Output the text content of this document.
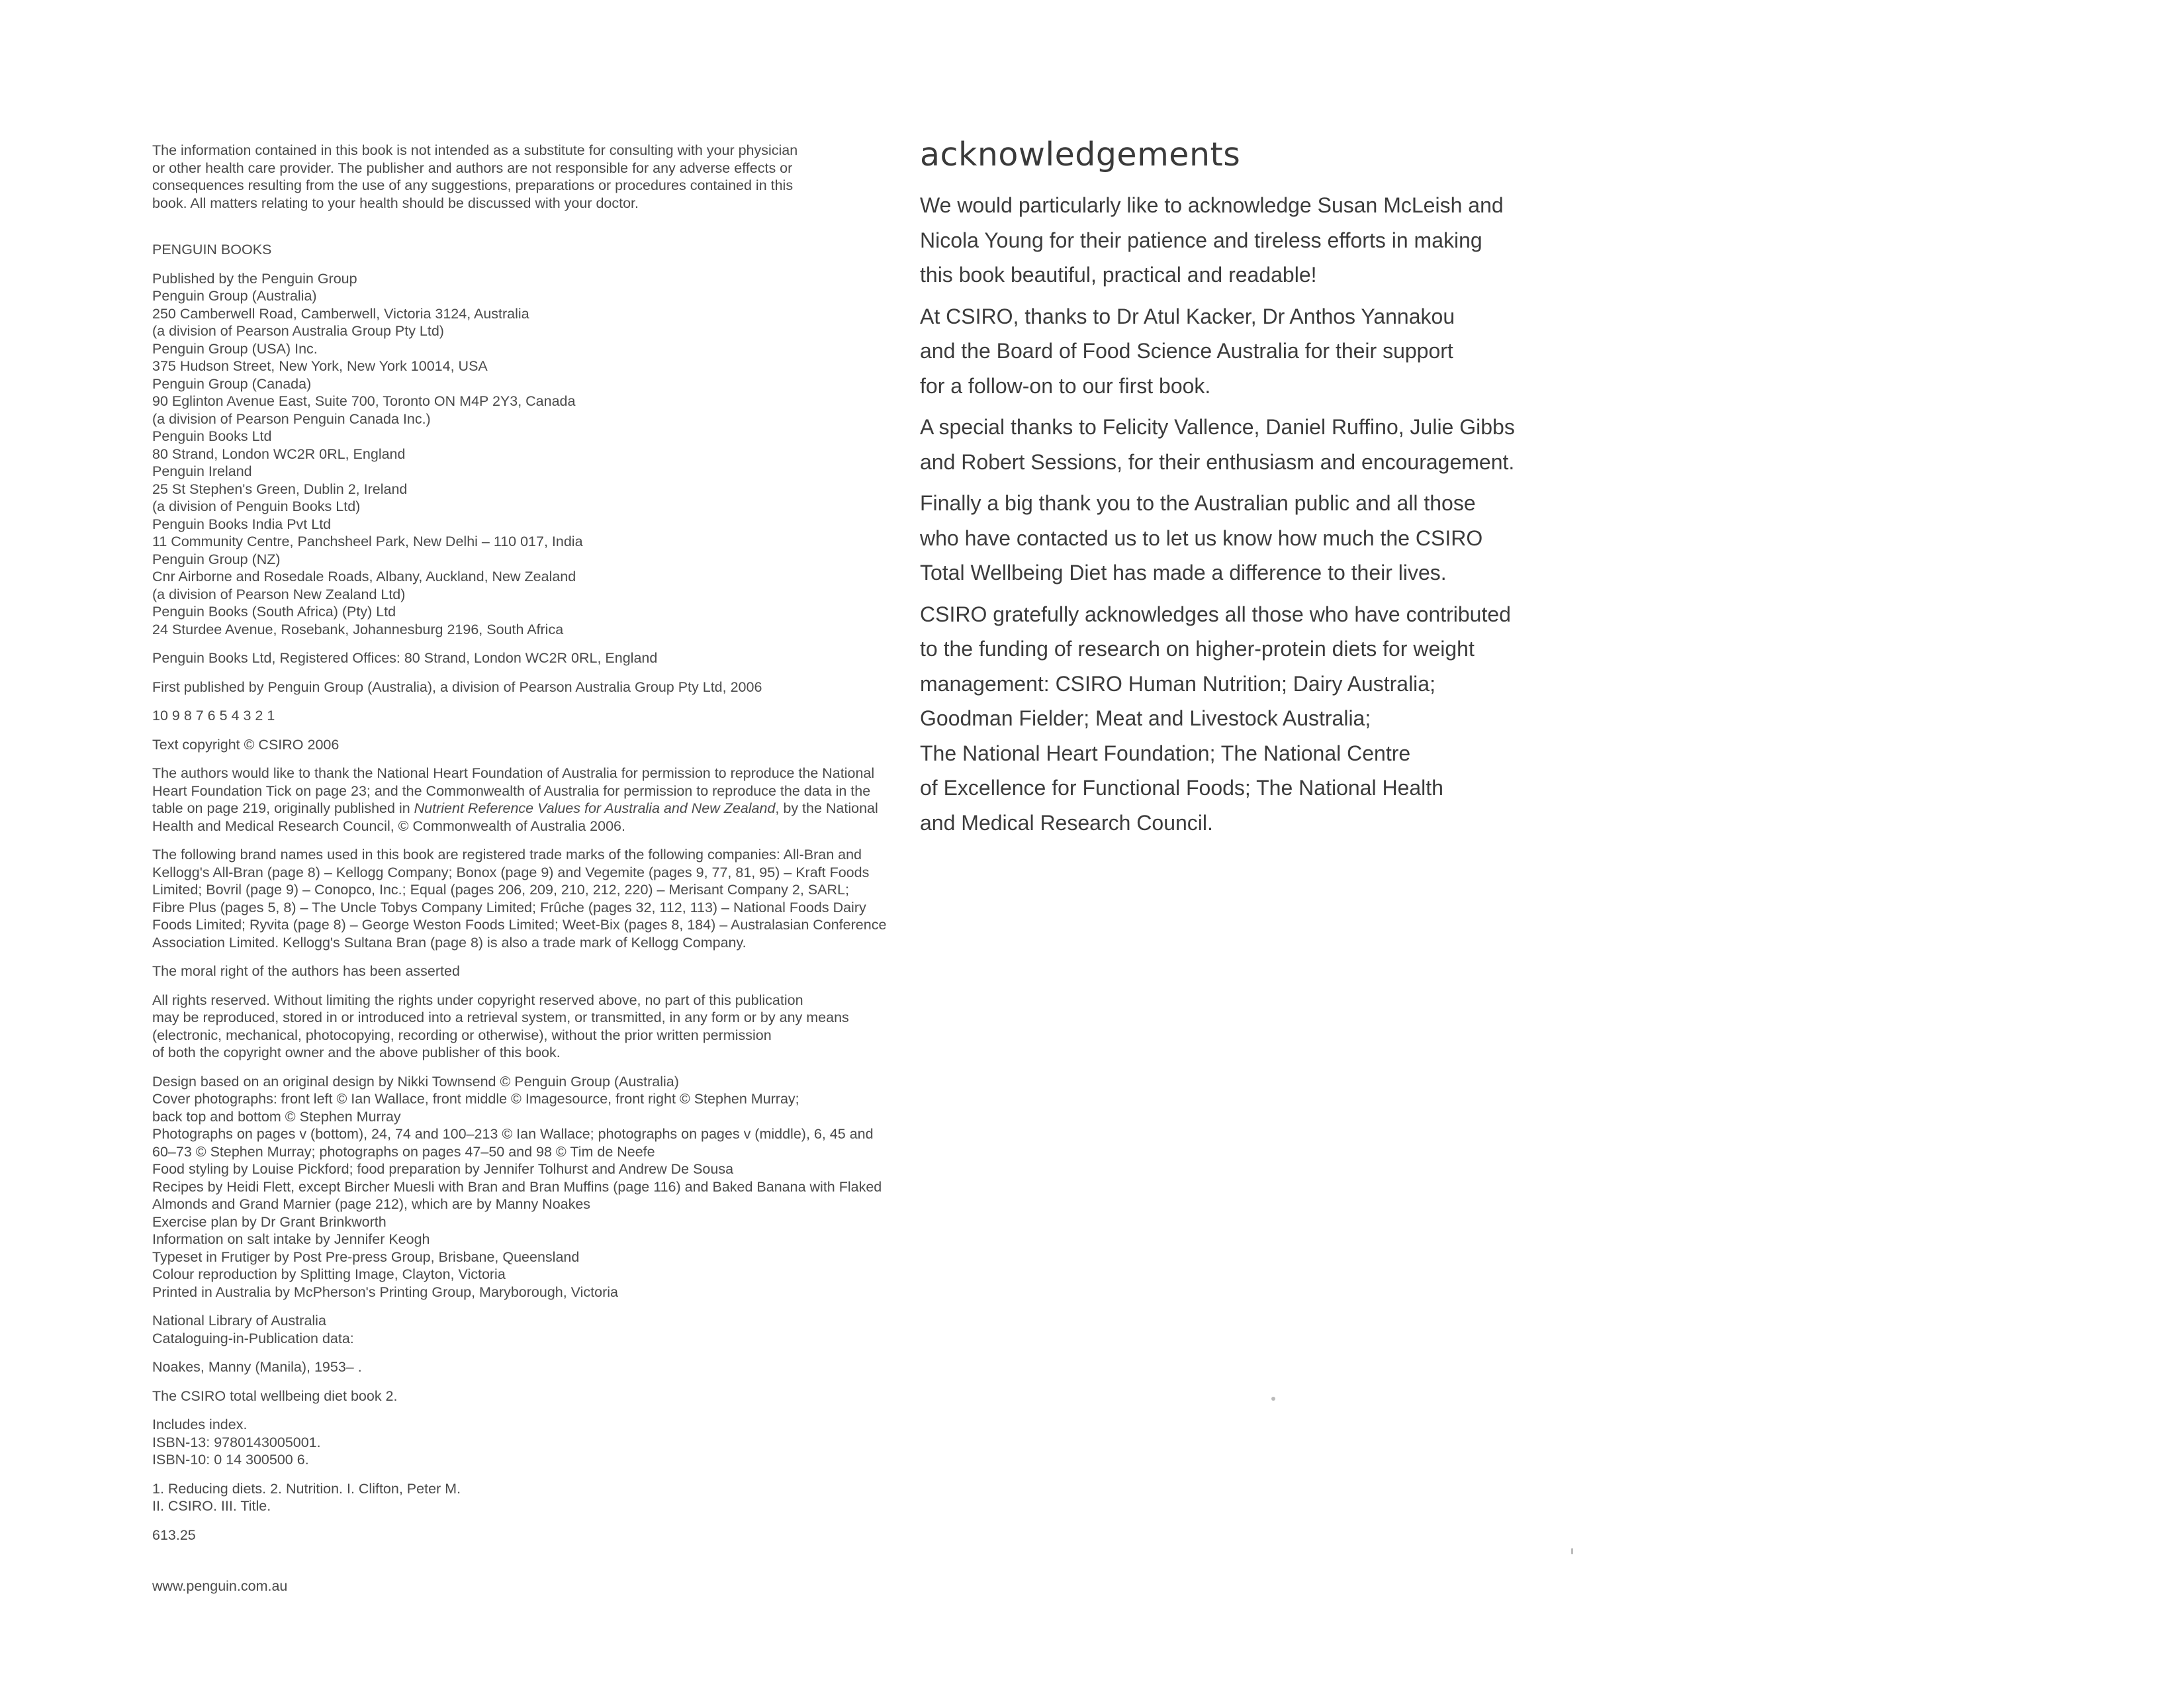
The information contained in this book is not intended as a substitute for consulting with your physician
or other health care provider. The publisher and authors are not responsible for any adverse effects or
consequences resulting from the use of any suggestions, preparations or procedures contained in this
book. All matters relating to your health should be discussed with your doctor.

PENGUIN BOOKS

Published by the Penguin Group
Penguin Group (Australia)
250 Camberwell Road, Camberwell, Victoria 3124, Australia
(a division of Pearson Australia Group Pty Ltd)
Penguin Group (USA) Inc.
375 Hudson Street, New York, New York 10014, USA
Penguin Group (Canada)
90 Eglinton Avenue East, Suite 700, Toronto ON M4P 2Y3, Canada
(a division of Pearson Penguin Canada Inc.)
Penguin Books Ltd
80 Strand, London WC2R 0RL, England
Penguin Ireland
25 St Stephen's Green, Dublin 2, Ireland
(a division of Penguin Books Ltd)
Penguin Books India Pvt Ltd
11 Community Centre, Panchsheel Park, New Delhi – 110 017, India
Penguin Group (NZ)
Cnr Airborne and Rosedale Roads, Albany, Auckland, New Zealand
(a division of Pearson New Zealand Ltd)
Penguin Books (South Africa) (Pty) Ltd
24 Sturdee Avenue, Rosebank, Johannesburg 2196, South Africa

Penguin Books Ltd, Registered Offices: 80 Strand, London WC2R 0RL, England

First published by Penguin Group (Australia), a division of Pearson Australia Group Pty Ltd, 2006

10 9 8 7 6 5 4 3 2 1

Text copyright © CSIRO 2006

The authors would like to thank the National Heart Foundation of Australia for permission to reproduce the National
Heart Foundation Tick on page 23; and the Commonwealth of Australia for permission to reproduce the data in the
table on page 219, originally published in Nutrient Reference Values for Australia and New Zealand, by the National
Health and Medical Research Council, © Commonwealth of Australia 2006.

The following brand names used in this book are registered trade marks of the following companies: All-Bran and
Kellogg's All-Bran (page 8) – Kellogg Company; Bonox (page 9) and Vegemite (pages 9, 77, 81, 95) – Kraft Foods
Limited; Bovril (page 9) – Conopco, Inc.; Equal (pages 206, 209, 210, 212, 220) – Merisant Company 2, SARL;
Fibre Plus (pages 5, 8) – The Uncle Tobys Company Limited; Frûche (pages 32, 112, 113) – National Foods Dairy
Foods Limited; Ryvita (page 8) – George Weston Foods Limited; Weet-Bix (pages 8, 184) – Australasian Conference
Association Limited. Kellogg's Sultana Bran (page 8) is also a trade mark of Kellogg Company.

The moral right of the authors has been asserted

All rights reserved. Without limiting the rights under copyright reserved above, no part of this publication
may be reproduced, stored in or introduced into a retrieval system, or transmitted, in any form or by any means
(electronic, mechanical, photocopying, recording or otherwise), without the prior written permission
of both the copyright owner and the above publisher of this book.

Design based on an original design by Nikki Townsend © Penguin Group (Australia)
Cover photographs: front left © Ian Wallace, front middle © Imagesource, front right © Stephen Murray;
back top and bottom © Stephen Murray
Photographs on pages v (bottom), 24, 74 and 100–213 © Ian Wallace; photographs on pages v (middle), 6, 45 and
60–73 © Stephen Murray; photographs on pages 47–50 and 98 © Tim de Neefe
Food styling by Louise Pickford; food preparation by Jennifer Tolhurst and Andrew De Sousa
Recipes by Heidi Flett, except Bircher Muesli with Bran and Bran Muffins (page 116) and Baked Banana with Flaked
Almonds and Grand Marnier (page 212), which are by Manny Noakes
Exercise plan by Dr Grant Brinkworth
Information on salt intake by Jennifer Keogh
Typeset in Frutiger by Post Pre-press Group, Brisbane, Queensland
Colour reproduction by Splitting Image, Clayton, Victoria
Printed in Australia by McPherson's Printing Group, Maryborough, Victoria

National Library of Australia
Cataloguing-in-Publication data:

Noakes, Manny (Manila), 1953– .

The CSIRO total wellbeing diet book 2.

Includes index.
ISBN-13: 9780143005001.
ISBN-10: 0 14 300500 6.

1. Reducing diets. 2. Nutrition. I. Clifton, Peter M.
II. CSIRO. III. Title.

613.25

www.penguin.com.au
acknowledgements

We would particularly like to acknowledge Susan McLeish and
Nicola Young for their patience and tireless efforts in making
this book beautiful, practical and readable!

At CSIRO, thanks to Dr Atul Kacker, Dr Anthos Yannakou
and the Board of Food Science Australia for their support
for a follow-on to our first book.

A special thanks to Felicity Vallence, Daniel Ruffino, Julie Gibbs
and Robert Sessions, for their enthusiasm and encouragement.

Finally a big thank you to the Australian public and all those
who have contacted us to let us know how much the CSIRO
Total Wellbeing Diet has made a difference to their lives.

CSIRO gratefully acknowledges all those who have contributed
to the funding of research on higher-protein diets for weight
management: CSIRO Human Nutrition; Dairy Australia;
Goodman Fielder; Meat and Livestock Australia;
The National Heart Foundation; The National Centre
of Excellence for Functional Foods; The National Health
and Medical Research Council.
